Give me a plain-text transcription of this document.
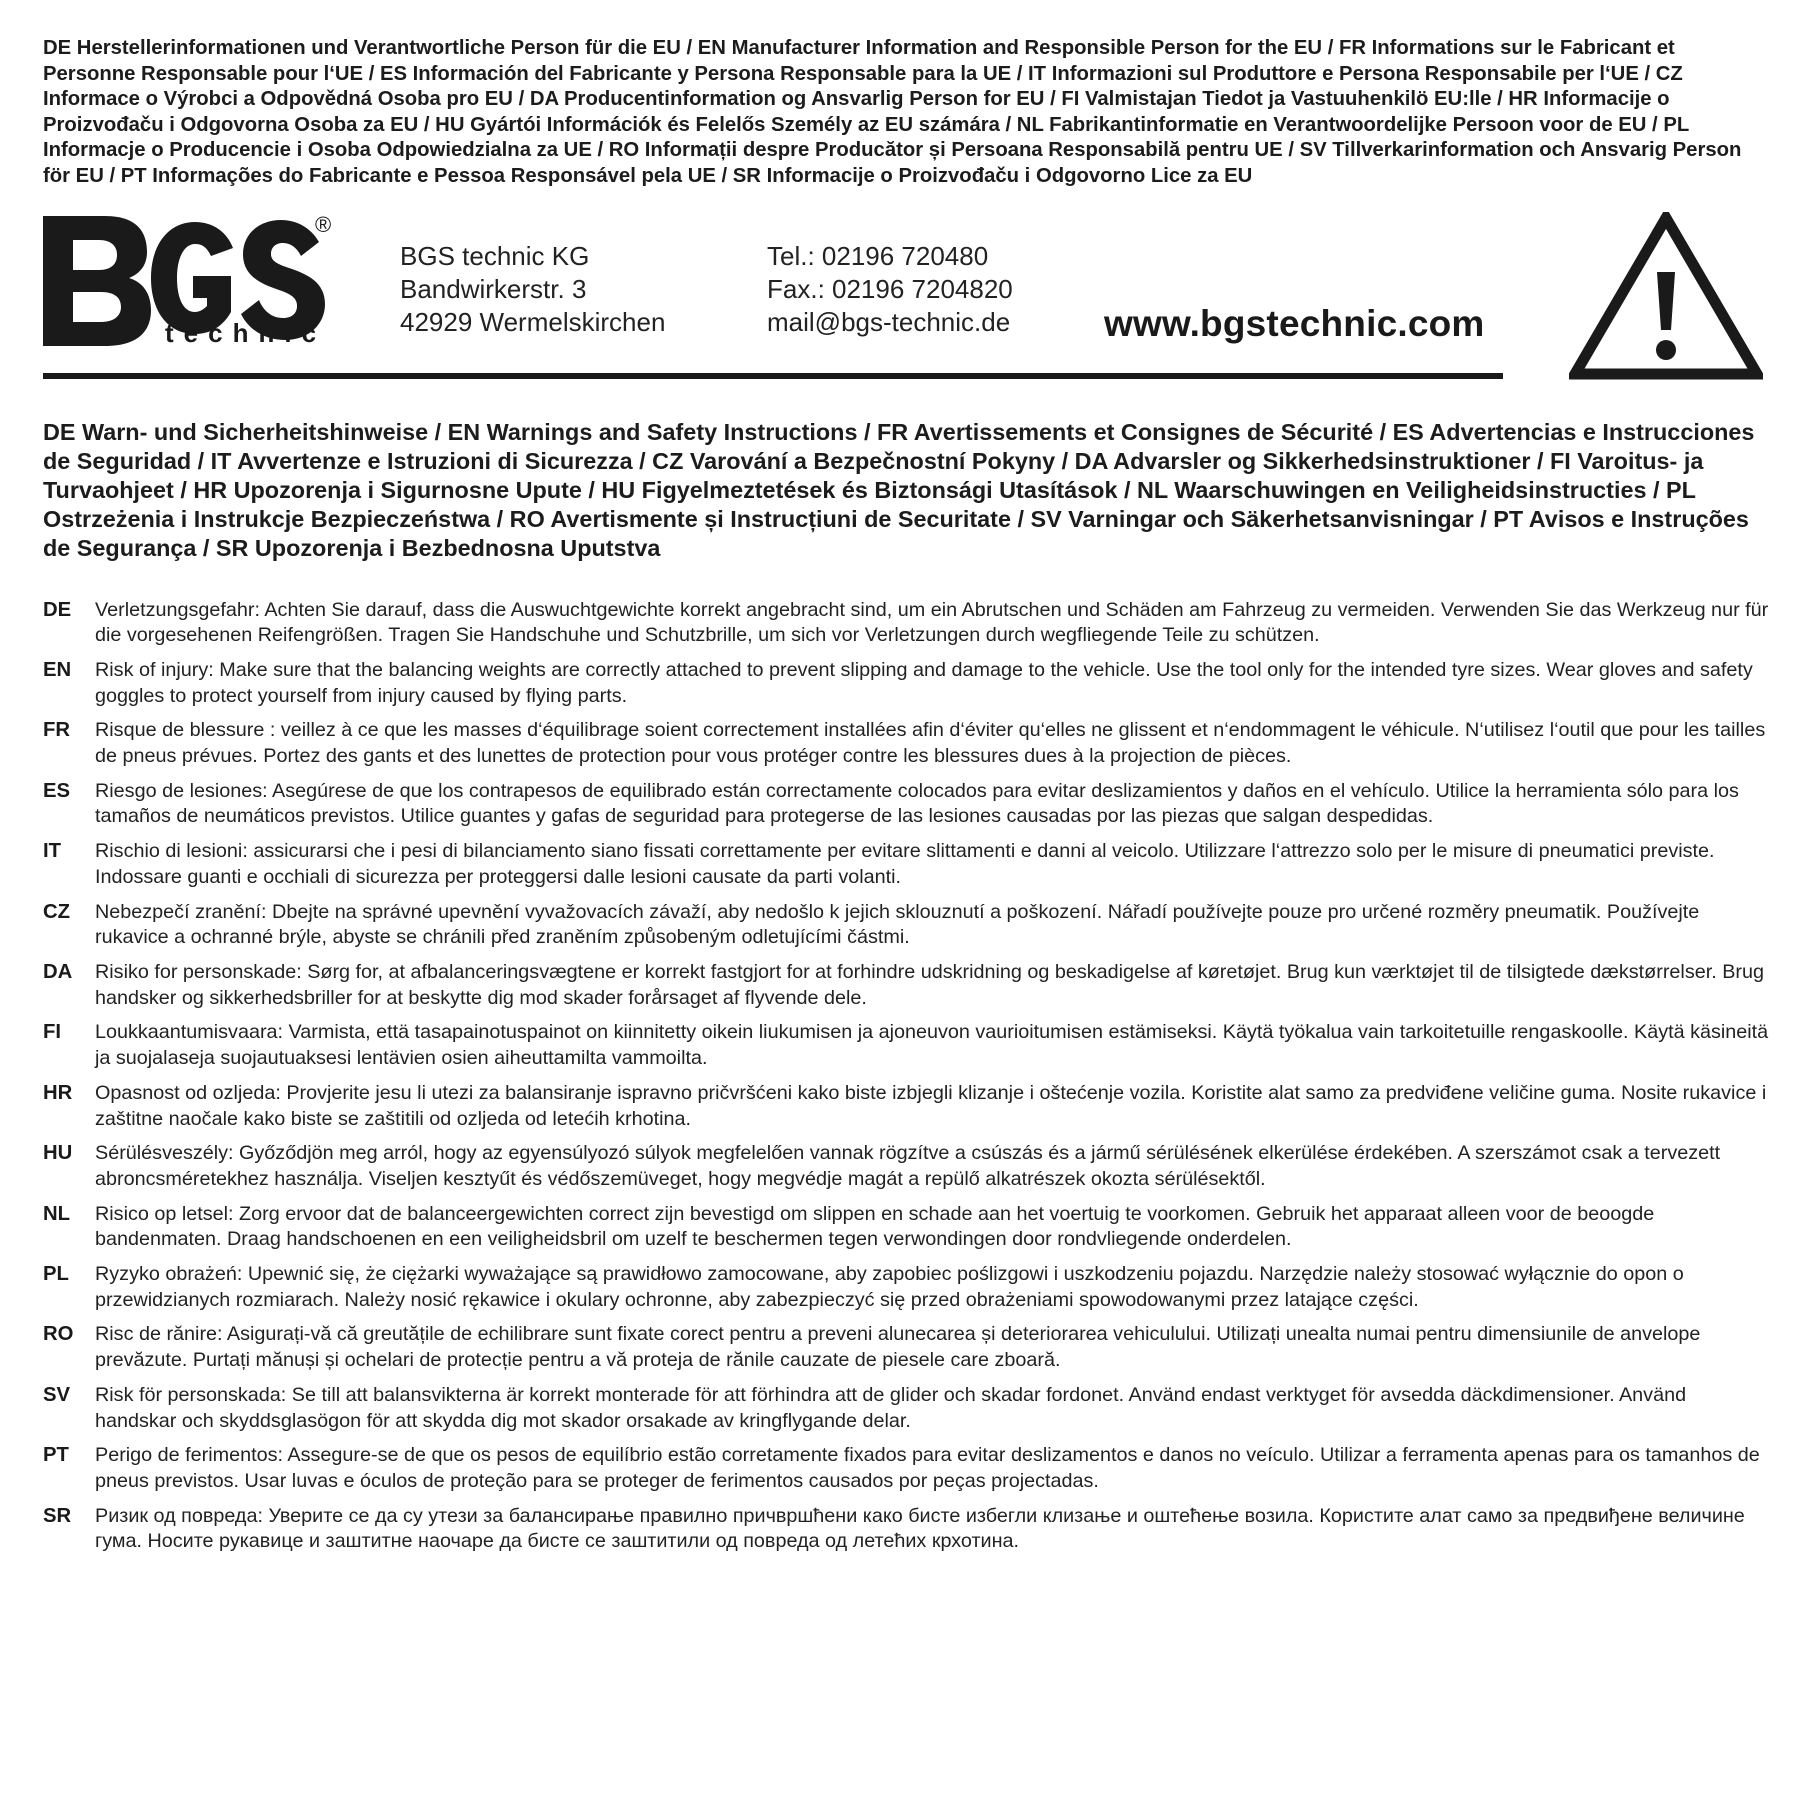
DE Herstellerinformationen und Verantwortliche Person für die EU / EN Manufacturer Information and Responsible Person for the EU / FR Informations sur le Fabricant et Personne Responsable pour l‘UE / ES Información del Fabricante y Persona Responsable para la UE / IT Informazioni sul Produttore e Persona Responsabile per l‘UE / CZ Informace o Výrobci a Odpovědná Osoba pro EU / DA Producentinformation og Ansvarlig Person for EU / FI Valmistajan Tiedot ja Vastuuhenkilö EU:lle / HR Informacije o Proizvođaču i Odgovorna Osoba za EU / HU Gyártói Információk és Felelős Személy az EU számára / NL Fabrikantinformatie en Verantwoordelijke Persoon voor de EU / PL Informacje o Producencie i Osoba Odpowiedzialna za UE / RO Informații despre Producător și Persoana Responsabilă pentru UE / SV Tillverkarinformation och Ansvarig Person för EU / PT Informações do Fabricante e Pessoa Responsável pela UE / SR Informacije o Proizvođaču i Odgovorno Lice za EU

®
technic
BGS technic KG
Bandwirkerstr. 3
42929 Wermelskirchen
Tel.: 02196 720480
Fax.: 02196 7204820
mail@bgs-technic.de	www.bgstechnic.com

DE Warn- und Sicherheitshinweise / EN Warnings and Safety Instructions / FR Avertissements et Consignes de Sécurité / ES Advertencias e Instrucciones de Seguridad / IT Avvertenze e Istruzioni di Sicurezza / CZ Varování a Bezpečnostní Pokyny / DA Advarsler og Sikkerhedsinstruktioner / FI Varoitus- ja Turvaohjeet / HR Upozorenja i Sigurnosne Upute / HU Figyelmeztetések és Biztonsági Utasítások / NL Waarschuwingen en Veiligheidsinstructies / PL Ostrzeżenia i Instrukcje Bezpieczeństwa / RO Avertismente și Instrucțiuni de Securitate / SV Varningar och Säkerhetsanvisningar / PT Avisos e Instruções de Segurança / SR Upozorenja i Bezbednosna Uputstva

DE	Verletzungsgefahr: Achten Sie darauf, dass die Auswuchtgewichte korrekt angebracht sind, um ein Abrutschen und Schäden am Fahrzeug zu vermeiden. Verwenden Sie das Werkzeug nur für die vorgesehenen Reifengrößen. Tragen Sie Handschuhe und Schutzbrille, um sich vor Verletzungen durch wegfliegende Teile zu schützen.
EN	Risk of injury: Make sure that the balancing weights are correctly attached to prevent slipping and damage to the vehicle. Use the tool only for the intended tyre sizes. Wear gloves and safety goggles to protect yourself from injury caused by flying parts.
FR	Risque de blessure : veillez à ce que les masses d‘équilibrage soient correctement installées afin d‘éviter qu‘elles ne glissent et n‘endommagent le véhicule. N‘utilisez l‘outil que pour les tailles de pneus prévues. Portez des gants et des lunettes de protection pour vous protéger contre les blessures dues à la projection de pièces.
ES	Riesgo de lesiones: Asegúrese de que los contrapesos de equilibrado están correctamente colocados para evitar deslizamientos y daños en el vehículo. Utilice la herramienta sólo para los tamaños de neumáticos previstos. Utilice guantes y gafas de seguridad para protegerse de las lesiones causadas por las piezas que salgan despedidas.
IT	Rischio di lesioni: assicurarsi che i pesi di bilanciamento siano fissati correttamente per evitare slittamenti e danni al veicolo. Utilizzare l‘attrezzo solo per le misure di pneumatici previste. Indossare guanti e occhiali di sicurezza per proteggersi dalle lesioni causate da parti volanti.
CZ	Nebezpečí zranění: Dbejte na správné upevnění vyvažovacích závaží, aby nedošlo k jejich sklouznutí a poškození. Nářadí používejte pouze pro určené rozměry pneumatik. Používejte rukavice a ochranné brýle, abyste se chránili před zraněním způsobeným odletujícími částmi.
DA	Risiko for personskade: Sørg for, at afbalanceringsvægtene er korrekt fastgjort for at forhindre udskridning og beskadigelse af køretøjet. Brug kun værktøjet til de tilsigtede dækstørrelser. Brug handsker og sikkerhedsbriller for at beskytte dig mod skader forårsaget af flyvende dele.
FI	Loukkaantumisvaara: Varmista, että tasapainotuspainot on kiinnitetty oikein liukumisen ja ajoneuvon vaurioitumisen estämiseksi. Käytä työkalua vain tarkoitetuille rengaskoolle. Käytä käsineitä ja suojalaseja suojautuaksesi lentävien osien aiheuttamilta vammoilta.
HR	Opasnost od ozljeda: Provjerite jesu li utezi za balansiranje ispravno pričvršćeni kako biste izbjegli klizanje i oštećenje vozila. Koristite alat samo za predviđene veličine guma. Nosite rukavice i zaštitne naočale kako biste se zaštitili od ozljeda od letećih krhotina.
HU	Sérülésveszély: Győződjön meg arról, hogy az egyensúlyozó súlyok megfelelően vannak rögzítve a csúszás és a jármű sérülésének elkerülése érdekében. A szerszámot csak a tervezett abroncsméretekhez használja. Viseljen kesztyűt és védőszemüveget, hogy megvédje magát a repülő alkatrészek okozta sérülésektől.
NL	Risico op letsel: Zorg ervoor dat de balanceergewichten correct zijn bevestigd om slippen en schade aan het voertuig te voorkomen. Gebruik het apparaat alleen voor de beoogde bandenmaten. Draag handschoenen en een veiligheidsbril om uzelf te beschermen tegen verwondingen door rondvliegende onderdelen.
PL	Ryzyko obrażeń: Upewnić się, że ciężarki wyważające są prawidłowo zamocowane, aby zapobiec poślizgowi i uszkodzeniu pojazdu. Narzędzie należy stosować wyłącznie do opon o przewidzianych rozmiarach. Należy nosić rękawice i okulary ochronne, aby zabezpieczyć się przed obrażeniami spowodowanymi przez latające części.
RO	Risc de rănire: Asigurați-vă că greutățile de echilibrare sunt fixate corect pentru a preveni alunecarea și deteriorarea vehiculului. Utilizați unealta numai pentru dimensiunile de anvelope prevăzute. Purtați mănuși și ochelari de protecție pentru a vă proteja de rănile cauzate de piesele care zboară.
SV	Risk för personskada: Se till att balansvikterna är korrekt monterade för att förhindra att de glider och skadar fordonet. Använd endast verktyget för avsedda däckdimensioner. Använd handskar och skyddsglasögon för att skydda dig mot skador orsakade av kringflygande delar.
PT	Perigo de ferimentos: Assegure-se de que os pesos de equilíbrio estão corretamente fixados para evitar deslizamentos e danos no veículo. Utilizar a ferramenta apenas para os tamanhos de pneus previstos. Usar luvas e óculos de proteção para se proteger de ferimentos causados por peças projectadas.
SR	Ризик од повреда: Уверите се да су утези за балансирање правилно причвршћени како бисте избегли клизање и оштећење возила. Користите алат само за предвиђене величине гума. Носите рукавице и заштитне наочаре да бисте се заштитили од повреда од летећих крхотина.
